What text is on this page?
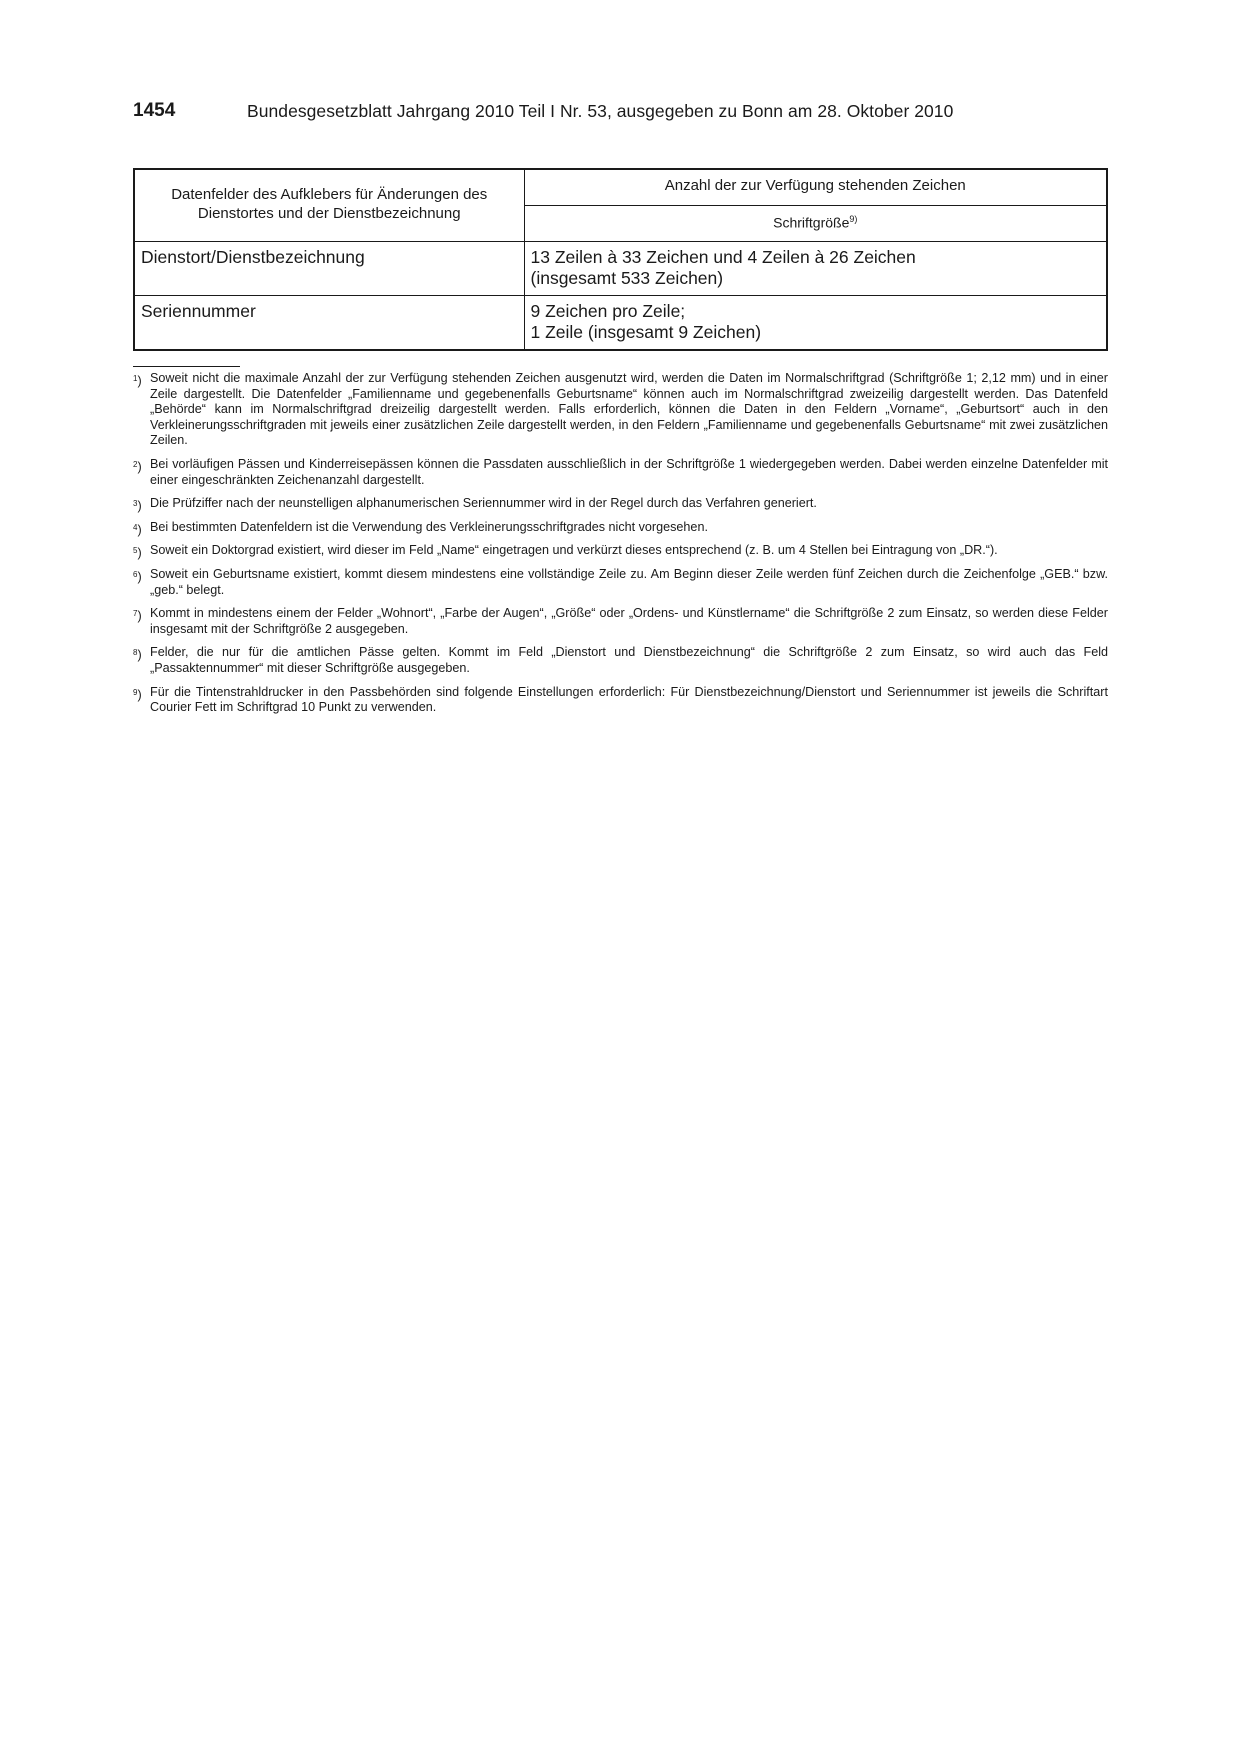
1454	Bundesgesetzblatt Jahrgang 2010 Teil I Nr. 53, ausgegeben zu Bonn am 28. Oktober 2010
Datenfelder des Aufklebers für Änderungen des Dienstortes und der Dienstbezeichnung	Anzahl der zur Verfügung stehenden Zeichen
	Schriftgröße$^{9)}$
Dienstort/Dienstbezeichnung	13 Zeilen à 33 Zeichen und 4 Zeilen à 26 Zeichen
(insgesamt 533 Zeichen)

Seriennummer	9 Zeichen pro Zeile;
1 Zeile (insgesamt 9 Zeichen)
$^1$) Soweit nicht die maximale Anzahl der zur Verfügung stehenden Zeichen ausgenutzt wird, werden die Daten im Normalschriftgrad (Schriftgröße 1; 2,12 mm) und in einer Zeile dargestellt. Die Datenfelder „Familienname und gegebenenfalls Geburtsname“ können auch im Normalschriftgrad zweizeilig dargestellt werden. Das Datenfeld „Behörde“ kann im Normalschriftgrad dreizeilig dargestellt werden. Falls erforderlich, können die Daten in den Feldern „Vorname“, „Geburtsort“ auch in den Verkleinerungsschriftgraden mit jeweils einer zusätzlichen Zeile dargestellt werden, in den Feldern „Familienname und gegebenenfalls Geburtsname“ mit zwei zusätzlichen Zeilen.
$^2$) Bei vorläufigen Pässen und Kinderreisepässen können die Passdaten ausschließlich in der Schriftgröße 1 wiedergegeben werden. Dabei werden einzelne Datenfelder mit einer eingeschränkten Zeichenanzahl dargestellt.
$^3$) Die Prüfziffer nach der neunstelligen alphanumerischen Seriennummer wird in der Regel durch das Verfahren generiert.
$^4$) Bei bestimmten Datenfeldern ist die Verwendung des Verkleinerungsschriftgrades nicht vorgesehen.
$^5$) Soweit ein Doktorgrad existiert, wird dieser im Feld „Name“ eingetragen und verkürzt dieses entsprechend (z. B. um 4 Stellen bei Eintragung von „DR.“).
$^6$) Soweit ein Geburtsname existiert, kommt diesem mindestens eine vollständige Zeile zu. Am Beginn dieser Zeile werden fünf Zeichen durch die Zeichenfolge „GEB.“ bzw. „geb.“ belegt.
$^7$) Kommt in mindestens einem der Felder „Wohnort“, „Farbe der Augen“, „Größe“ oder „Ordens- und Künstlername“ die Schriftgröße 2 zum Einsatz, so werden diese Felder insgesamt mit der Schriftgröße 2 ausgegeben.
$^8$) Felder, die nur für die amtlichen Pässe gelten. Kommt im Feld „Dienstort und Dienstbezeichnung“ die Schriftgröße 2 zum Einsatz, so wird auch das Feld „Passaktennummer“ mit dieser Schriftgröße ausgegeben.
$^9$) Für die Tintenstrahldrucker in den Passbehörden sind folgende Einstellungen erforderlich: Für Dienstbezeichnung/Dienstort und Seriennummer ist jeweils die Schriftart Courier Fett im Schriftgrad 10 Punkt zu verwenden.
